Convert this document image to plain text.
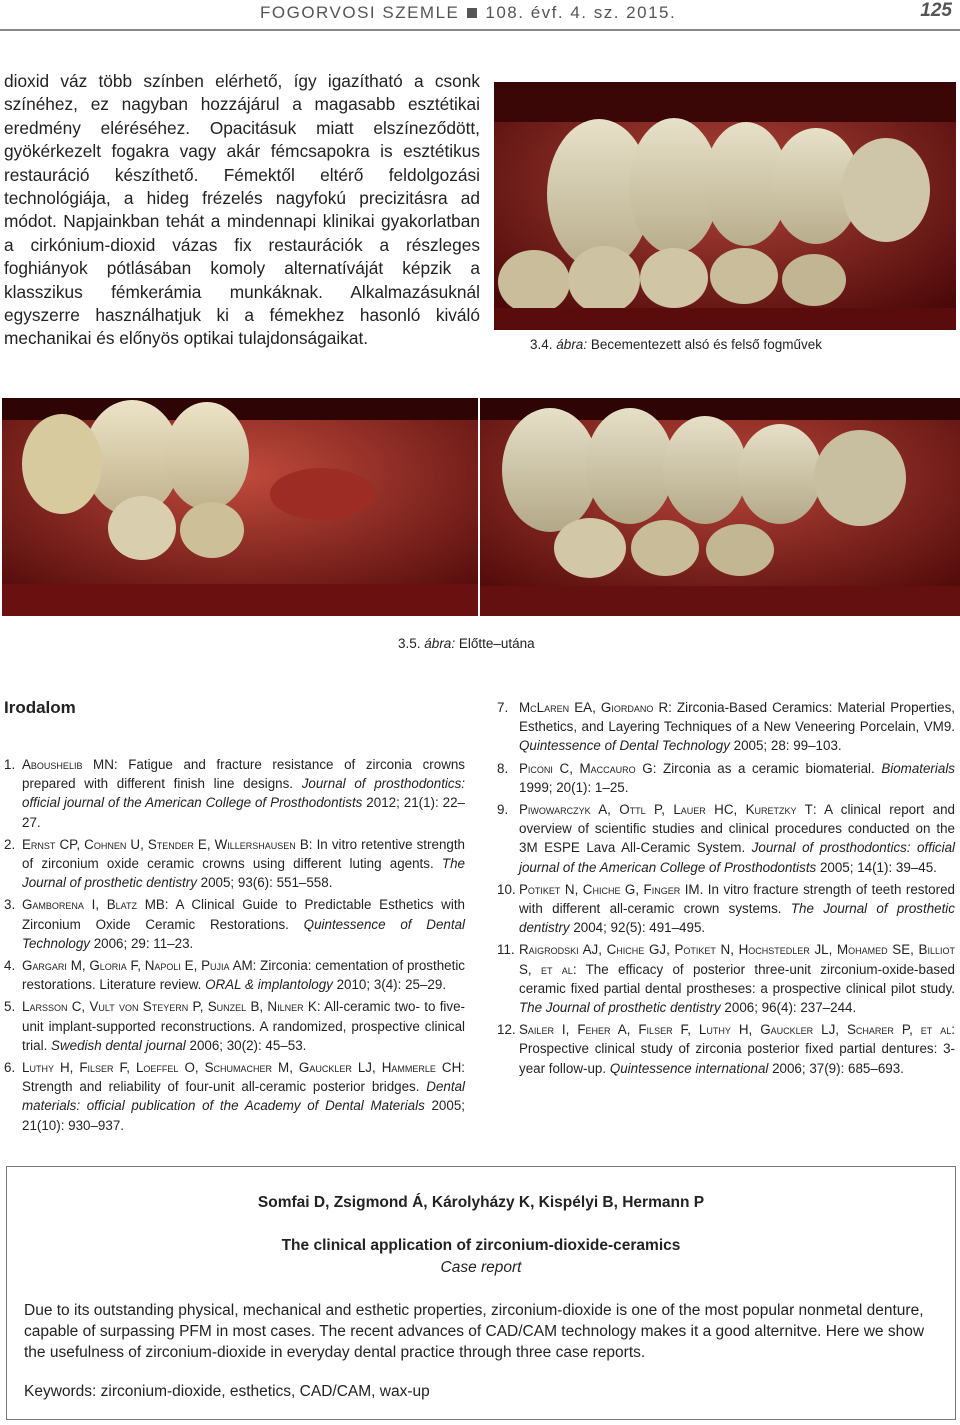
FOGORVOSI SZEMLE 108. évf. 4. sz. 2015.	125

dioxid váz több színben elérhető, így igazítható a csonk színéhez, ez nagyban hozzájárul a magasabb esztétikai eredmény eléréséhez. Opacitásuk miatt elszíneződött, gyökérkezelt fogakra vagy akár fémcsapokra is esztétikus restauráció készíthető. Fémektől eltérő feldolgozási technológiája, a hideg frézelés nagyfokú precizitásra ad módot. Napjainkban tehát a mindennapi klinikai gyakorlatban a cirkónium-dioxid vázas fix restaurációk a részleges foghiányok pótlásában komoly alternatíváját képzik a klasszikus fémkerámia munkáknak. Alkalmazásuknál egyszerre használhatjuk ki a fémekhez hasonló kiváló mechanikai és előnyös optikai tulajdonságaikat.	3.4. ábra: Becementezett alsó és felső fogművek
3.5. ábra: Előtte–utána
Irodalom
1. Aboushelib MN: Fatigue and fracture resistance of zirconia crowns prepared with different finish line designs. Journal of prosthodontics: official journal of the American College of Prosthodontists 2012; 21(1): 22–27.
2. Ernst CP, Cohnen U, Stender E, Willershausen B: In vitro retentive strength of zirconium oxide ceramic crowns using different luting agents. The Journal of prosthetic dentistry 2005; 93(6): 551–558.
3. Gamborena I, Blatz MB: A Clinical Guide to Predictable Esthetics with Zirconium Oxide Ceramic Restorations. Quintessence of Dental Technology 2006; 29: 11–23.
4. Gargari M, Gloria F, Napoli E, Pujia AM: Zirconia: cementation of prosthetic restorations. Literature review. ORAL & implantology 2010; 3(4): 25–29.
5. Larsson C, Vult von Steyern P, Sunzel B, Nilner K: All-ceramic two- to five-unit implant-supported reconstructions. A randomized, prospective clinical trial. Swedish dental journal 2006; 30(2): 45–53.
6. Luthy H, Filser F, Loeffel O, Schumacher M, Gauckler LJ, Hammerle CH: Strength and reliability of four-unit all-ceramic posterior bridges. Dental materials: official publication of the Academy of Dental Materials 2005; 21(10): 930–937.
7. McLaren EA, Giordano R: Zirconia-Based Ceramics: Material Properties, Esthetics, and Layering Techniques of a New Veneering Porcelain, VM9. Quintessence of Dental Technology 2005; 28: 99–103.
8. Piconi C, Maccauro G: Zirconia as a ceramic biomaterial. Biomaterials 1999; 20(1): 1–25.
9. Piwowarczyk A, Ottl P, Lauer HC, Kuretzky T: A clinical report and overview of scientific studies and clinical procedures conducted on the 3M ESPE Lava All-Ceramic System. Journal of prosthodontics: official journal of the American College of Prosthodontists 2005; 14(1): 39–45.
10. Potiket N, Chiche G, Finger IM. In vitro fracture strength of teeth restored with different all-ceramic crown systems. The Journal of prosthetic dentistry 2004; 92(5): 491–495.
11. Raigrodski AJ, Chiche GJ, Potiket N, Hochstedler JL, Mohamed SE, Billiot S, et al: The efficacy of posterior three-unit zirconium-oxide-based ceramic fixed partial dental prostheses: a prospective clinical pilot study. The Journal of prosthetic dentistry 2006; 96(4): 237–244.
12. Sailer I, Feher A, Filser F, Luthy H, Gauckler LJ, Scharer P, et al: Prospective clinical study of zirconia posterior fixed partial dentures: 3-year follow-up. Quintessence international 2006; 37(9): 685–693.
Somfai D, Zsigmond Á, Károlyházy K, Kispélyi B, Hermann P
The clinical application of zirconium-dioxide-ceramics
Case report

Due to its outstanding physical, mechanical and esthetic properties, zirconium-dioxide is one of the most popular nonmetal denture, capable of surpassing PFM in most cases. The recent advances of CAD/CAM technology makes it a good alternitve. Here we show the usefulness of zirconium-dioxide in everyday dental practice through three case reports.

Keywords: zirconium-dioxide, esthetics, CAD/CAM, wax-up
